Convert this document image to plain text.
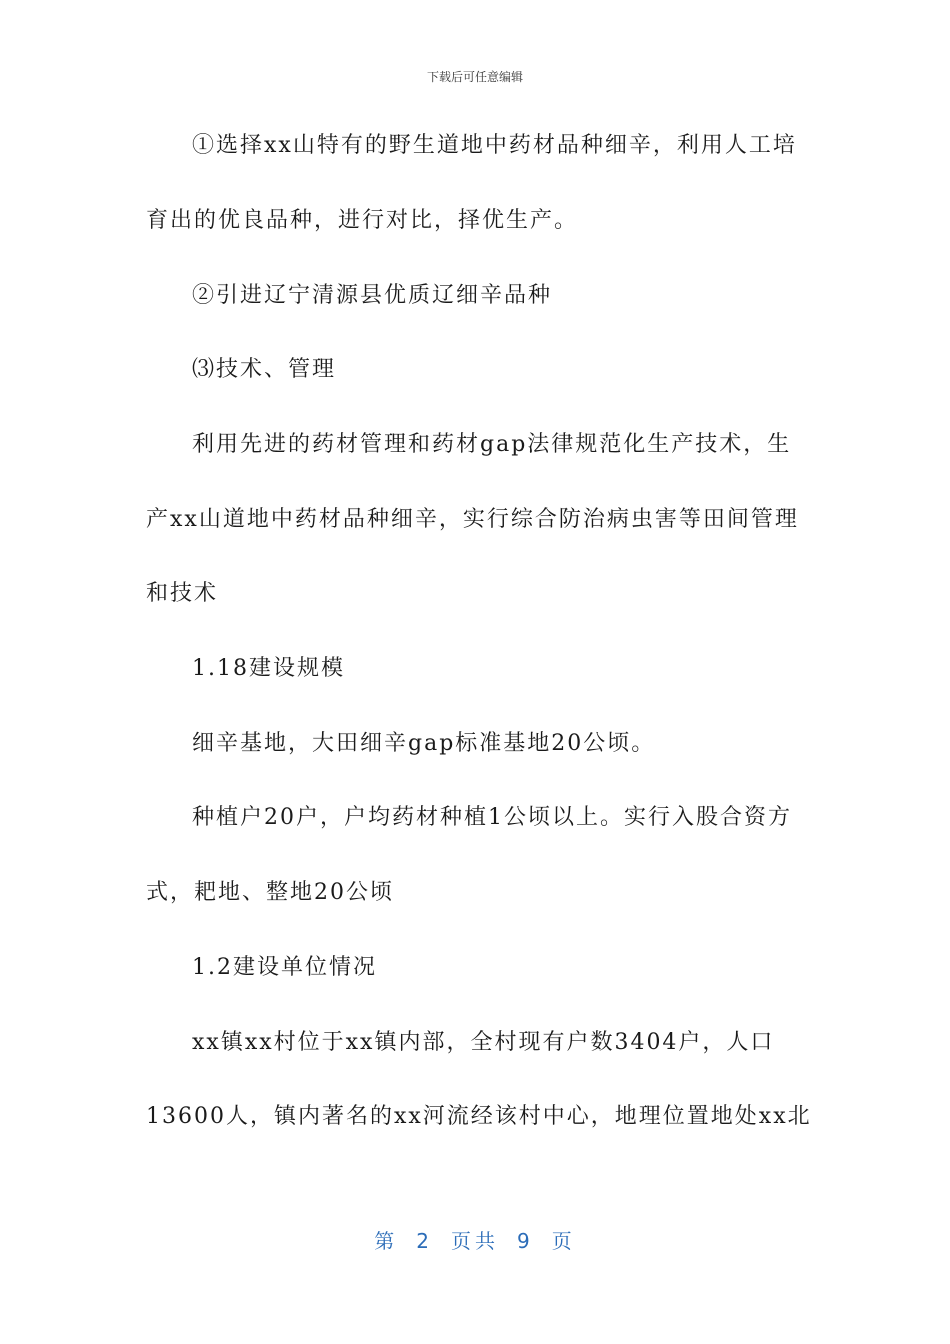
下载后可任意编辑
①选择xx山特有的野生道地中药材品种细辛，利用人工培
育出的优良品种，进行对比，择优生产。
②引进辽宁清源县优质辽细辛品种
⑶技术、管理
利用先进的药材管理和药材gap法律规范化生产技术，生
产xx山道地中药材品种细辛，实行综合防治病虫害等田间管理
和技术
1.18建设规模
细辛基地，大田细辛gap标准基地20公顷。
种植户20户，户均药材种植1公顷以上。实行入股合资方
式，耙地、整地20公顷
1.2建设单位情况
xx镇xx村位于xx镇内部，全村现有户数3404户，人口
13600人，镇内著名的xx河流经该村中心，地理位置地处xx北
第 2 页共 9 页
